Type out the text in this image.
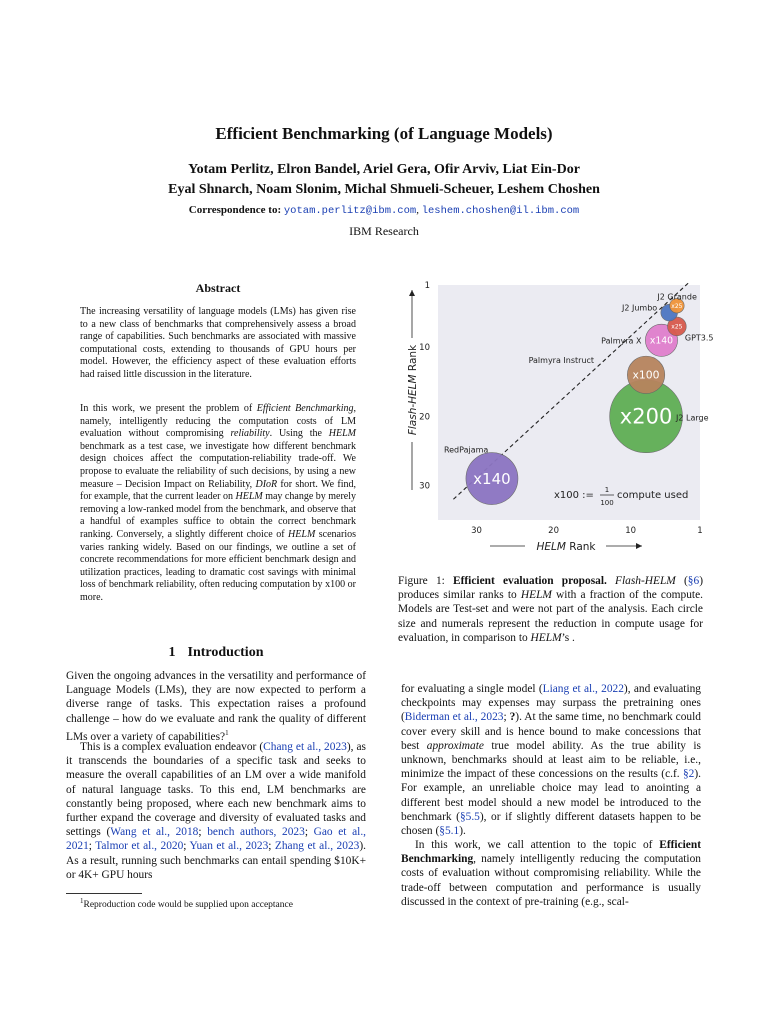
Efficient Benchmarking (of Language Models)
Yotam Perlitz, Elron Bandel, Ariel Gera, Ofir Arviv, Liat Ein-Dor
Eyal Shnarch, Noam Slonim, Michal Shmueli-Scheuer, Leshem Choshen
Correspondence to: yotam.perlitz@ibm.com, leshem.choshen@il.ibm.com
IBM Research
Abstract
The increasing versatility of language models (LMs) has given rise to a new class of benchmarks that comprehensively assess a broad range of capabilities. Such benchmarks are associated with massive computational costs, extending to thousands of GPU hours per model. However, the efficiency aspect of these evaluation efforts had raised little discussion in the literature.
In this work, we present the problem of Efficient Benchmarking, namely, intelligently reducing the computation costs of LM evaluation without compromising reliability. Using the HELM benchmark as a test case, we investigate how different benchmark design choices affect the computation-reliability trade-off. We propose to evaluate the reliability of such decisions, by using a new measure – Decision Impact on Reliability, DIoR for short. We find, for example, that the current leader on HELM may change by merely removing a low-ranked model from the benchmark, and observe that a handful of examples suffice to obtain the correct benchmark ranking. Conversely, a slightly different choice of HELM scenarios varies ranking widely. Based on our findings, we outline a set of concrete recommendations for more efficient benchmark design and utilization practices, leading to dramatic cost savings with minimal loss of benchmark reliability, often reducing computation by x100 or more.
1 Introduction
Given the ongoing advances in the versatility and performance of Language Models (LMs), they are now expected to perform a diverse range of tasks. This expectation raises a profound challenge – how do we evaluate and rank the quality of different LMs over a variety of capabilities?$^1$
This is a complex evaluation endeavor (Chang et al., 2023), as it transcends the boundaries of a specific task and seeks to measure the overall capabilities of an LM over a wide manifold of natural language tasks. To this end, LM benchmarks are constantly being proposed, where each new benchmark aims to further expand the coverage and diversity of evaluated tasks and settings (Wang et al., 2018; bench authors, 2023; Gao et al., 2021; Talmor et al., 2020; Yuan et al., 2023; Zhang et al., 2023). As a result, running such benchmarks can entail spending $10K+ or 4K+ GPU hours
$^1$Reproduction code would be supplied upon acceptance
for evaluating a single model (Liang et al., 2022), and evaluating checkpoints may expenses may surpass the pretraining ones (Biderman et al., 2023; ?). At the same time, no benchmark could cover every skill and is hence bound to make concessions that best approximate true model ability. As the true ability is unknown, benchmarks should at least aim to be reliable, i.e., minimize the impact of these concessions on the results (c.f. §2). For example, an unreliable choice may lead to anointing a different best model should a new model be introduced to the benchmark (§5.5), or if slightly different datasets happen to be chosen (§5.1).
In this work, we call attention to the topic of Efficient Benchmarking, namely intelligently reducing the computation costs of evaluation without compromising reliability. While the trade-off between computation and performance is usually discussed in the context of pre-training (e.g., scal-
Figure 1: Efficient evaluation proposal. Flash-HELM (§6) produces similar ranks to HELM with a fraction of the compute. Models are Test-set and were not part of the analysis. Each circle size and numerals represent the reduction in compute usage for evaluation, in comparison to HELM’s .
30	20	10	1
1
10
20
30
x200
x140
x100
x140
x25
x25
RedPajama
J2 Large
Palmyra Instruct
Palmyra X	GPT3.5
J2 Jumbo
J2 Grande
x100 := 1
100
compute used
HELM Rank
Flash-HELM Rank
